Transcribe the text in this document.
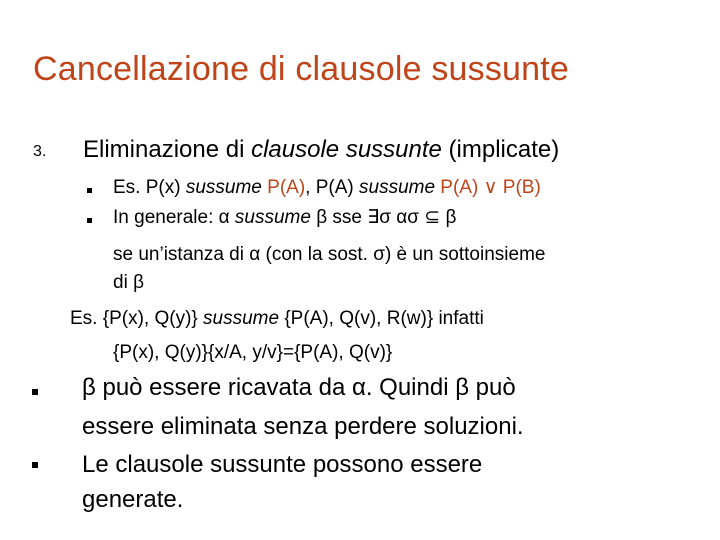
Cancellazione di clausole sussunte
3. Eliminazione di clausole sussunte (implicate)
Es. P(x) sussume P(A), P(A) sussume P(A) ∨ P(B)
In generale: α sussume β sse ∃σ ασ ⊆ β
se un’istanza di α (con la sost. σ) è un sottoinsieme
di β
Es. {P(x), Q(y)} sussume {P(A), Q(v), R(w)} infatti
{P(x), Q(y)}{x/A, y/v}={P(A), Q(v)}
β può essere ricavata da α. Quindi β può
essere eliminata senza perdere soluzioni.
Le clausole sussunte possono essere
generate.
